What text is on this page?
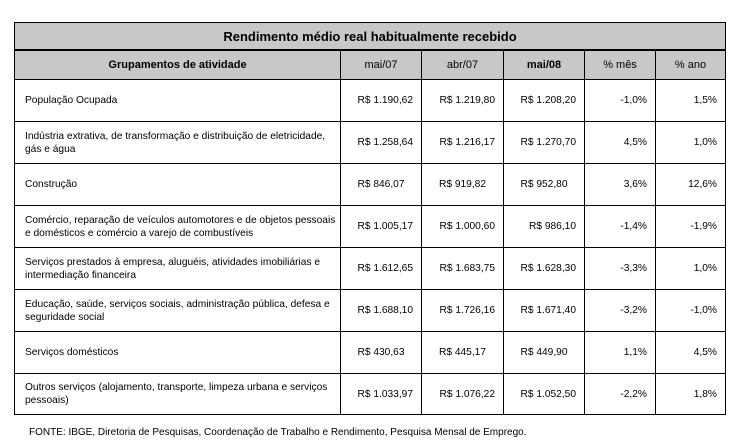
Rendimento médio real habitualmente recebido					
Grupamentos de atividade	mai/07	abr/07	mai/08	% mês	% ano
População Ocupada	R$ 1.190,62	R$ 1.219,80	R$ 1.208,20	-1,0%	1,5%
Indústria extrativa, de transformação e distribuição de eletricidade, gás e água	R$ 1.258,64	R$ 1.216,17	R$ 1.270,70	4,5%	1,0%
Construção	R$ 846,07	R$ 919,82	R$ 952,80	3,6%	12,6%
Comércio, reparação de veículos automotores e de objetos pessoais e domésticos e comércio a varejo de combustíveis	R$ 1.005,17	R$ 1.000,60	R$ 986,10	-1,4%	-1,9%
Serviços prestados à empresa, aluguéis, atividades imobiliárias e intermediação financeira	R$ 1.612,65	R$ 1.683,75	R$ 1.628,30	-3,3%	1,0%
Educação, saúde, serviços sociais, administração pública, defesa e seguridade social	R$ 1.688,10	R$ 1.726,16	R$ 1.671,40	-3,2%	-1,0%
Serviços domésticos	R$ 430,63	R$ 445,17	R$ 449,90	1,1%	4,5%
Outros serviços (alojamento, transporte, limpeza urbana e serviços pessoais)	R$ 1.033,97	R$ 1.076,22	R$ 1.052,50	-2,2%	1,8%
FONTE: IBGE, Diretoria de Pesquisas, Coordenação de Trabalho e Rendimento, Pesquisa Mensal de Emprego.
